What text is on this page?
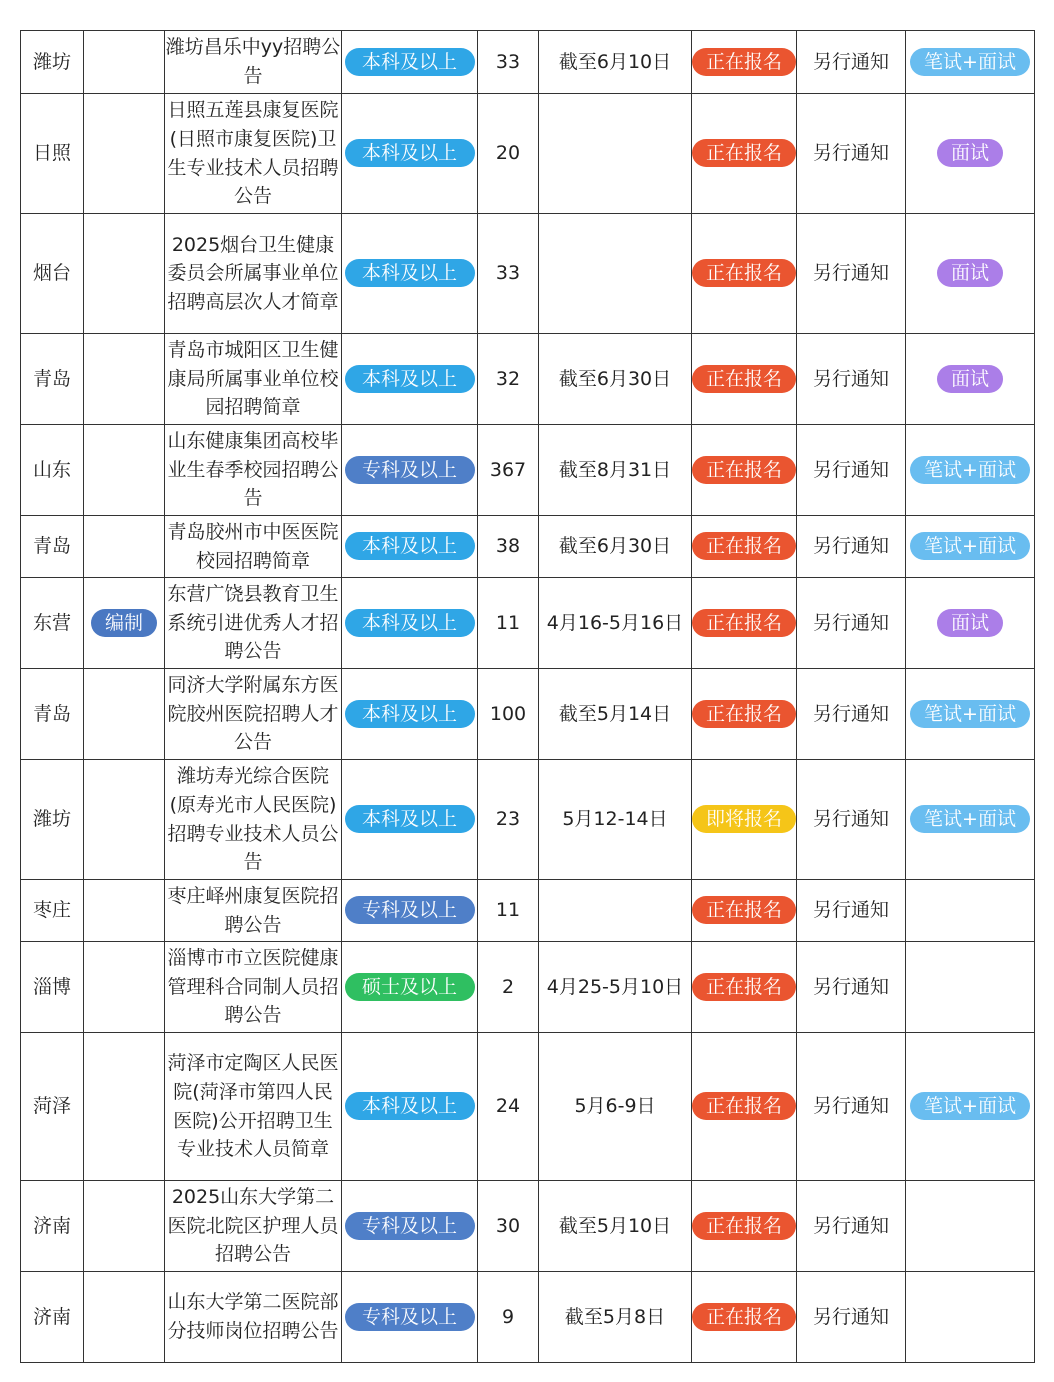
潍坊		潍坊昌乐中yy招聘公告	本科及以上	33	截至6月10日	正在报名	另行通知	笔试+面试
日照		日照五莲县康复医院(日照市康复医院)卫生专业技术人员招聘公告	本科及以上	20		正在报名	另行通知	面试
烟台		2025烟台卫生健康委员会所属事业单位招聘高层次人才简章	本科及以上	33		正在报名	另行通知	面试
青岛		青岛市城阳区卫生健康局所属事业单位校园招聘简章	本科及以上	32	截至6月30日	正在报名	另行通知	面试
山东		山东健康集团高校毕业生春季校园招聘公告	专科及以上	367	截至8月31日	正在报名	另行通知	笔试+面试
青岛		青岛胶州市中医医院校园招聘简章	本科及以上	38	截至6月30日	正在报名	另行通知	笔试+面试
东营	编制	东营广饶县教育卫生系统引进优秀人才招聘公告	本科及以上	11	4月16-5月16日	正在报名	另行通知	面试
青岛		同济大学附属东方医院胶州医院招聘人才公告	本科及以上	100	截至5月14日	正在报名	另行通知	笔试+面试
潍坊		潍坊寿光综合医院(原寿光市人民医院)招聘专业技术人员公告	本科及以上	23	5月12-14日	即将报名	另行通知	笔试+面试
枣庄		枣庄峄州康复医院招聘公告	专科及以上	11		正在报名	另行通知	
淄博		淄博市市立医院健康管理科合同制人员招聘公告	硕士及以上	2	4月25-5月10日	正在报名	另行通知	
菏泽		菏泽市定陶区人民医院(菏泽市第四人民医院)公开招聘卫生专业技术人员简章	本科及以上	24	5月6-9日	正在报名	另行通知	笔试+面试
济南		2025山东大学第二医院北院区护理人员招聘公告	专科及以上	30	截至5月10日	正在报名	另行通知	
济南		山东大学第二医院部分技师岗位招聘公告	专科及以上	9	截至5月8日	正在报名	另行通知	
